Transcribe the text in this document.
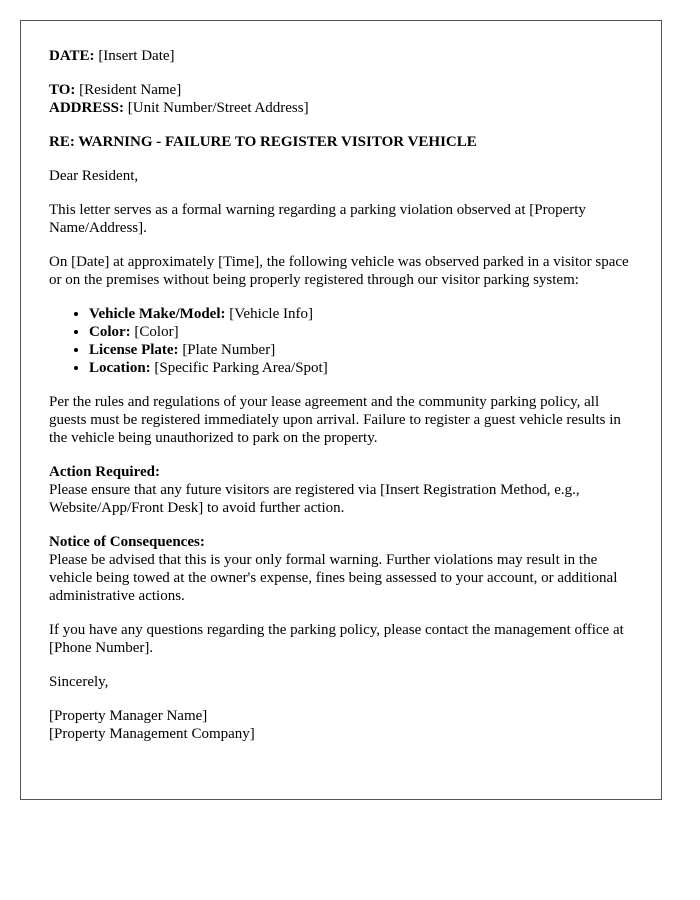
DATE: [Insert Date]

TO: [Resident Name]
ADDRESS: [Unit Number/Street Address]

RE: WARNING - FAILURE TO REGISTER VISITOR VEHICLE

Dear Resident,

This letter serves as a formal warning regarding a parking violation observed at [Property Name/Address].

On [Date] at approximately [Time], the following vehicle was observed parked in a visitor space or on the premises without being properly registered through our visitor parking system:

• Vehicle Make/Model: [Vehicle Info]
• Color: [Color]
• License Plate: [Plate Number]
• Location: [Specific Parking Area/Spot]

Per the rules and regulations of your lease agreement and the community parking policy, all guests must be registered immediately upon arrival. Failure to register a guest vehicle results in the vehicle being unauthorized to park on the property.

Action Required:
Please ensure that any future visitors are registered via [Insert Registration Method, e.g., Website/App/Front Desk] to avoid further action.

Notice of Consequences:
Please be advised that this is your only formal warning. Further violations may result in the vehicle being towed at the owner's expense, fines being assessed to your account, or additional administrative actions.

If you have any questions regarding the parking policy, please contact the management office at [Phone Number].

Sincerely,

[Property Manager Name]
[Property Management Company]
